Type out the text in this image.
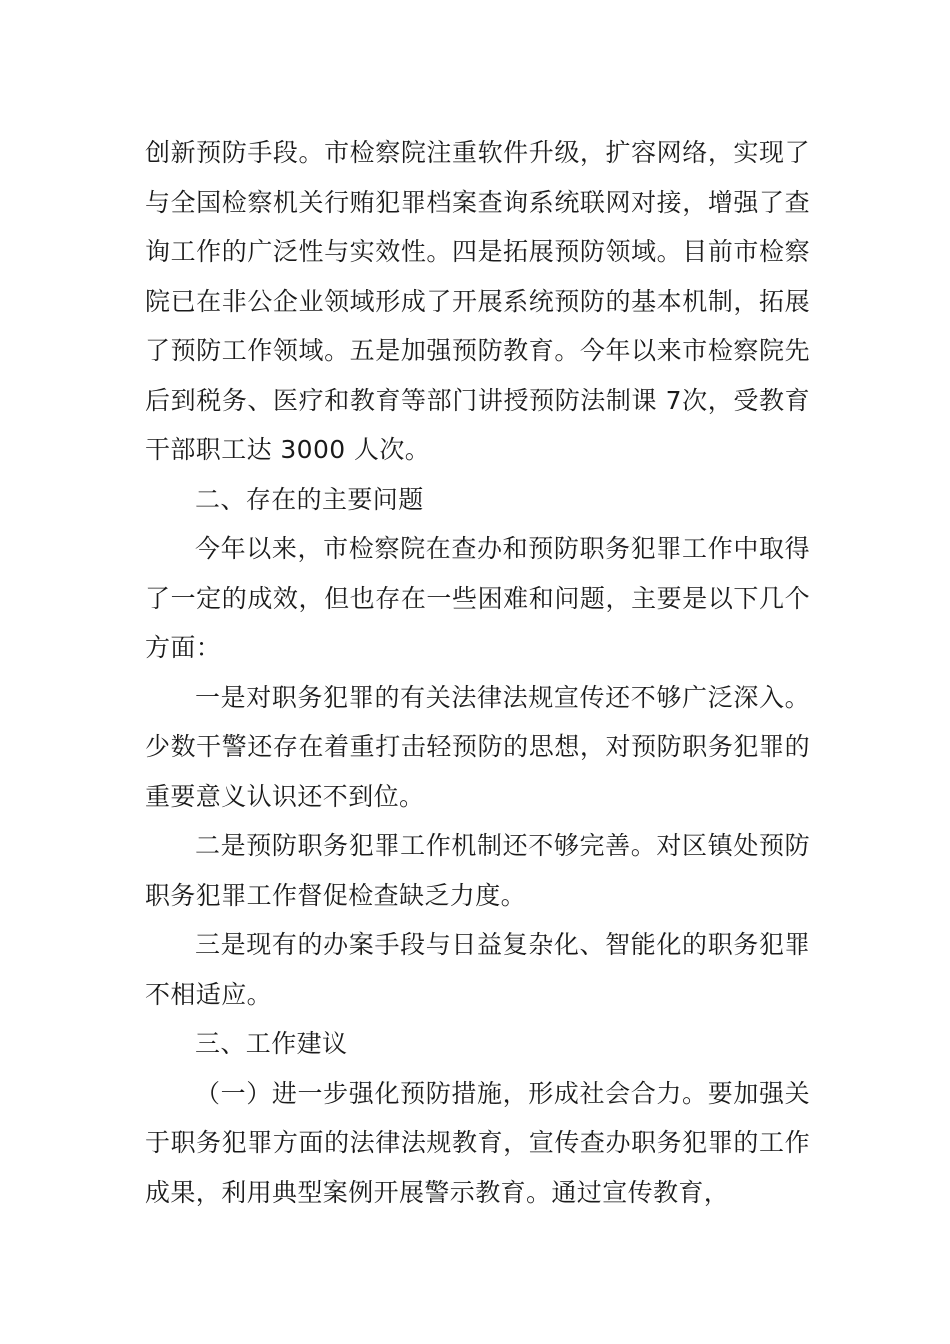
创新预防手段。市检察院注重软件升级，扩容网络，实现了与全国检察机关行贿犯罪档案查询系统联网对接，增强了查询工作的广泛性与实效性。四是拓展预防领域。目前市检察院已在非公企业领域形成了开展系统预防的基本机制，拓展了预防工作领域。五是加强预防教育。今年以来市检察院先后到税务、医疗和教育等部门讲授预防法制课 7次，受教育干部职工达 3000 人次。

二、存在的主要问题

今年以来，市检察院在查办和预防职务犯罪工作中取得了一定的成效，但也存在一些困难和问题，主要是以下几个方面：

一是对职务犯罪的有关法律法规宣传还不够广泛深入。少数干警还存在着重打击轻预防的思想，对预防职务犯罪的重要意义认识还不到位。

二是预防职务犯罪工作机制还不够完善。对区镇处预防职务犯罪工作督促检查缺乏力度。

三是现有的办案手段与日益复杂化、智能化的职务犯罪不相适应。

三、工作建议

（一）进一步强化预防措施，形成社会合力。要加强关于职务犯罪方面的法律法规教育，宣传查办职务犯罪的工作成果，利用典型案例开展警示教育。通过宣传教育，
